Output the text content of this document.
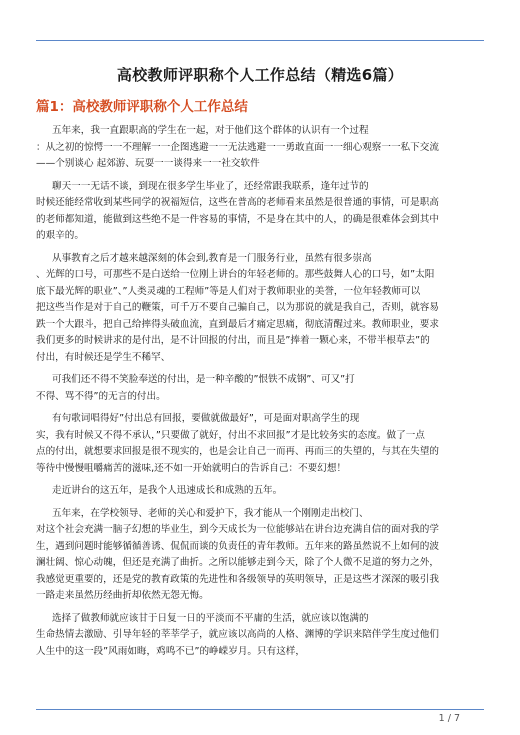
高校教师评职称个人工作总结（精选6篇）
篇1：高校教师评职称个人工作总结
五年来，我一直跟职高的学生在一起，对于他们这个群体的认识有一个过程
：从之初的惊愕一一不理解一一企图逃避一一无法逃避一一勇敢直面一一细心观察一一私下交流
——个别谈心 起郊游、玩耍一一谈得来一一社交软件
聊天一一无话不谈，到现在很多学生毕业了，还经常跟我联系，逢年过节的
时候还能经常收到某些同学的祝福短信，这些在普高的老师看来虽然是很普通的事情，可是职高
的老师都知道，能做到这些绝不是一件容易的事情，不是身在其中的人，的确是很难体会到其中
的艰辛的。
从事教育之后才越来越深刻的体会到,教育是一门服务行业，虽然有很多崇高
、光辉的口号，可那些不是白送给一位刚上讲台的年轻老师的。那些鼓舞人心的口号，如”太阳
底下最光辉的职业”、”人类灵魂的工程师”等是人们对于教师职业的美誉，一位年轻教师可以
把这些当作是对于自己的鞭策，可千万不要自己骗自己，以为那说的就是我自己，否则，就容易
跌一个大跟斗，把自己给摔得头破血流，直到最后才痛定思痛，彻底清醒过来。教师职业，要求
我们更多的时候讲求的是付出，是不计回报的付出，而且是”捧着一颗心来，不带半根草去”的
付出，有时候还是学生不稀罕、
可我们还不得不笑脸奉送的付出，是一种辛酸的”恨铁不成钢”、可又”打
不得、骂不得”的无言的付出。
有句歌词唱得好”付出总有回报，要做就做最好”，可是面对职高学生的现
实，我有时候又不得不承认，”只要做了就好，付出不求回报”才是比较务实的态度。做了一点
点的付出，就想要求回报是很不现实的，也是会让自己一而再、再而三的失望的，与其在失望的
等待中慢慢咀嚼痛苦的滋味,还不如一开始就明白的告诉自己：不要幻想！
走近讲台的这五年，是我个人迅速成长和成熟的五年。
五年来，在学校领导、老师的关心和爱护下，我才能从一个刚刚走出校门、
对这个社会充满一脑子幻想的毕业生，到今天成长为一位能够站在讲台边充满自信的面对我的学
生，遇到问题时能够循循善诱、侃侃而谈的负责任的青年教师。五年来的路虽然说不上如何的波
澜壮阔、惊心动魄，但还是充满了曲折。之所以能够走到今天，除了个人微不足道的努力之外，
我感觉更重要的，还是党的教育政策的先进性和各级领导的英明领导，正是这些才深深的吸引我
一路走来虽然历经曲折却依然无怨无悔。
选择了做教师就应该甘于日复一日的平淡而不平庸的生活，就应该以饱满的
生命热情去激励、引导年轻的莘莘学子，就应该以高尚的人格、渊博的学识来陪伴学生度过他们
人生中的这一段”风雨如晦，鸡鸣不已”的峥嵘岁月。只有这样，
1 / 7
